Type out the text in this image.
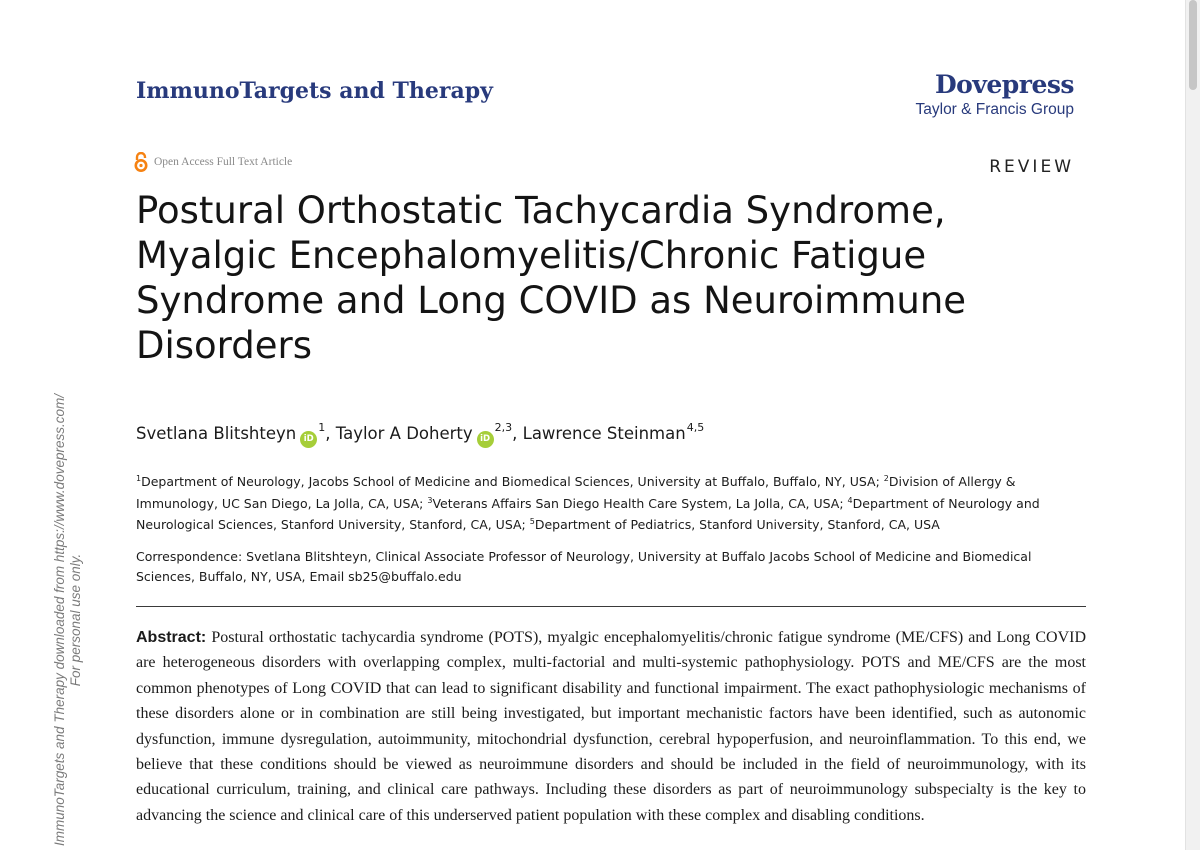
ImmunoTargets and Therapy downloaded from https://www.dovepress.com/ For personal use only.
ImmunoTargets and Therapy	Dovepress
Taylor & Francis Group
Open Access Full Text Article	REVIEW
Postural Orthostatic Tachycardia Syndrome, Myalgic Encephalomyelitis/Chronic Fatigue Syndrome and Long COVID as Neuroimmune Disorders
Svetlana Blitshteyn iD
1 , Taylor A Doherty iD
2,3 , Lawrence Steinman 4,5
$^1$Department of Neurology, Jacobs School of Medicine and Biomedical Sciences, University at Buffalo, Buffalo, NY, USA; $^2$Division of Allergy & Immunology, UC San Diego, La Jolla, CA, USA; $^3$Veterans Affairs San Diego Health Care System, La Jolla, CA, USA; $^4$Department of Neurology and Neurological Sciences, Stanford University, Stanford, CA, USA; $^5$Department of Pediatrics, Stanford University, Stanford, CA, USA
Correspondence: Svetlana Blitshteyn, Clinical Associate Professor of Neurology, University at Buffalo Jacobs School of Medicine and Biomedical Sciences, Buffalo, NY, USA, Email sb25@buffalo.edu
Abstract: Postural orthostatic tachycardia syndrome (POTS), myalgic encephalomyelitis/chronic fatigue syndrome (ME/CFS) and Long COVID are heterogeneous disorders with overlapping complex, multi-factorial and multi-systemic pathophysiology. POTS and ME/CFS are the most common phenotypes of Long COVID that can lead to significant disability and functional impairment. The exact pathophysiologic mechanisms of these disorders alone or in combination are still being investigated, but important mechanistic factors have been identified, such as autonomic dysfunction, immune dysregulation, autoimmunity, mitochondrial dysfunction, cerebral hypoperfusion, and neuroinflammation. To this end, we believe that these conditions should be viewed as neuroimmune disorders and should be included in the field of neuroimmunology, with its educational curriculum, training, and clinical care pathways. Including these disorders as part of neuroimmunology subspecialty is the key to advancing the science and clinical care of this underserved patient population with these complex and disabling conditions.
